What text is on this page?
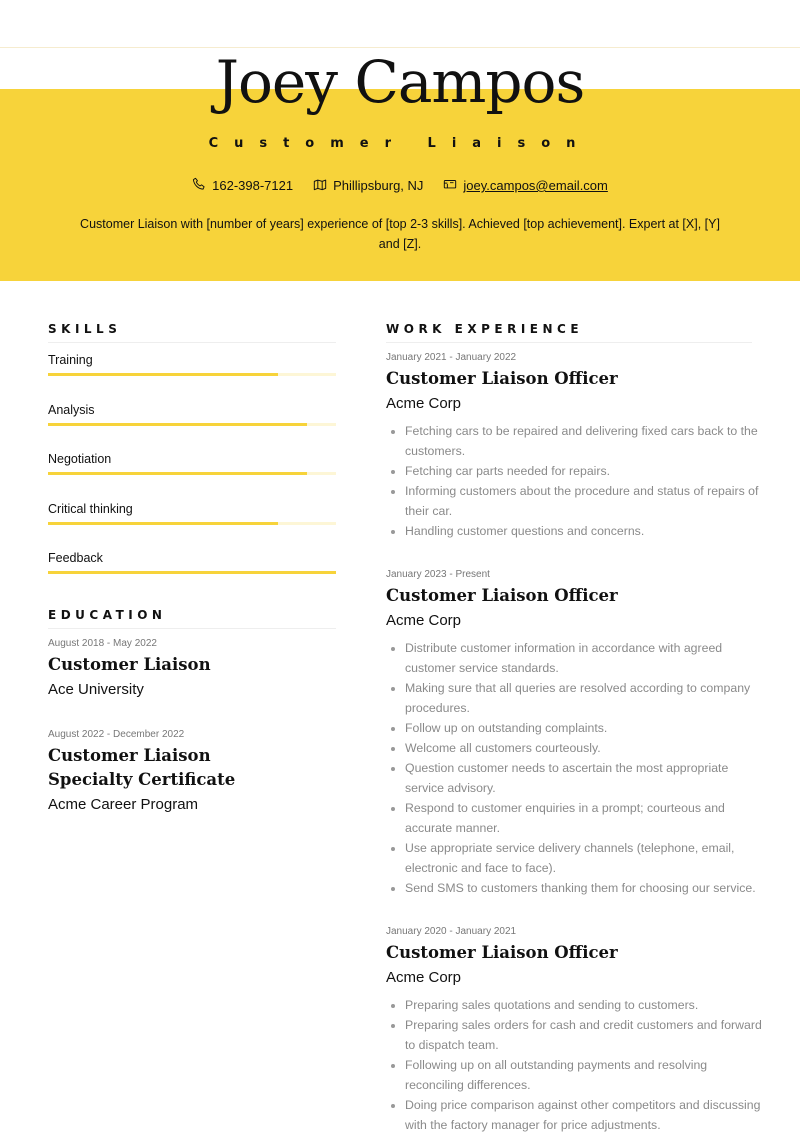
Joey Campos
Customer Liaison
162-398-7121	Phillipsburg, NJ	joey.campos@email.com
Customer Liaison with [number of years] experience of [top 2-3 skills]. Achieved [top achievement]. Expert at [X], [Y] and [Z].
SKILLS
Training
Analysis
Negotiation
Critical thinking
Feedback
EDUCATION
August 2018 - May 2022
Customer Liaison
Ace University
August 2022 - December 2022
Customer Liaison Specialty Certificate
Acme Career Program
WORK EXPERIENCE
January 2021 - January 2022
Customer Liaison Officer
Acme Corp
• Fetching cars to be repaired and delivering fixed cars back to the customers.
• Fetching car parts needed for repairs.
• Informing customers about the procedure and status of repairs of their car.
• Handling customer questions and concerns.
January 2023 - Present
Customer Liaison Officer
Acme Corp
• Distribute customer information in accordance with agreed customer service standards.
• Making sure that all queries are resolved according to company procedures.
• Follow up on outstanding complaints.
• Welcome all customers courteously.
• Question customer needs to ascertain the most appropriate service advisory.
• Respond to customer enquiries in a prompt; courteous and accurate manner.
• Use appropriate service delivery channels (telephone, email, electronic and face to face).
• Send SMS to customers thanking them for choosing our service.
January 2020 - January 2021
Customer Liaison Officer
Acme Corp
• Preparing sales quotations and sending to customers.
• Preparing sales orders for cash and credit customers and forward to dispatch team.
• Following up on all outstanding payments and resolving reconciling differences.
• Doing price comparison against other competitors and discussing with the factory manager for price adjustments.
